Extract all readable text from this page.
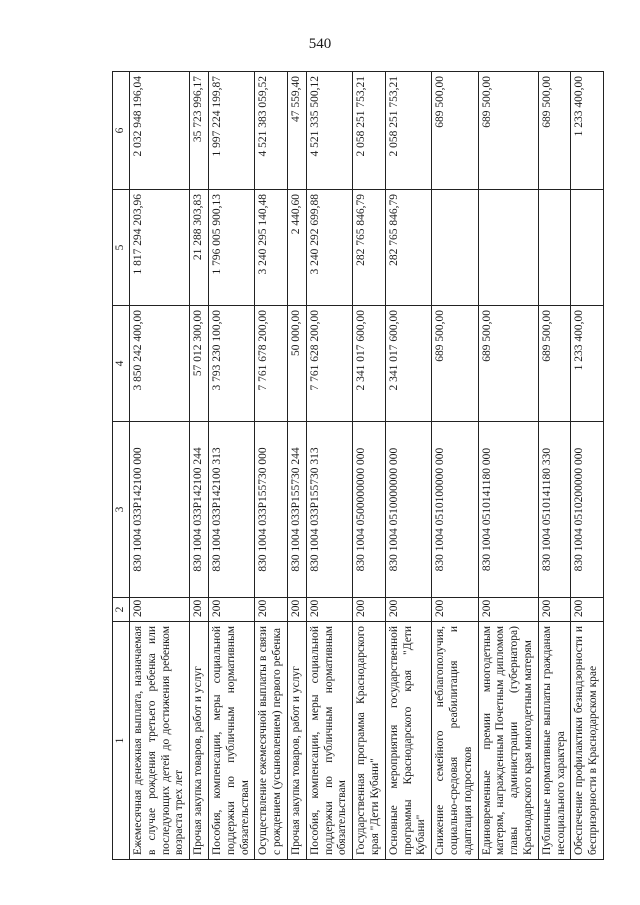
540
1	2	3	4	5	6
Ежемесячная денежная выплата, назначаемая в случае рождения третьего ребенка или последующих детей до достижения ребенком возраста трех лет	200	830 1004 033P142100 000	3 850 242 400,00	1 817 294 203,96	2 032 948 196,04
Прочая закупка товаров, работ и услуг	200	830 1004 033P142100 244	57 012 300,00	21 288 303,83	35 723 996,17
Пособия, компенсации, меры социальной поддержки по публичным нормативным обязательствам	200	830 1004 033P142100 313	3 793 230 100,00	1 796 005 900,13	1 997 224 199,87
Осуществление ежемесячной выплаты в связи с рождением (усыновлением) первого ребенка	200	830 1004 033P155730 000	7 761 678 200,00	3 240 295 140,48	4 521 383 059,52
Прочая закупка товаров, работ и услуг	200	830 1004 033P155730 244	50 000,00	2 440,60	47 559,40
Пособия, компенсации, меры социальной поддержки по публичным нормативным обязательствам	200	830 1004 033P155730 313	7 761 628 200,00	3 240 292 699,88	4 521 335 500,12
Государственная программа Краснодарского края "Дети Кубани"	200	830 1004 0500000000 000	2 341 017 600,00	282 765 846,79	2 058 251 753,21
Основные мероприятия государственной программы Краснодарского края "Дети Кубани"	200	830 1004 0510000000 000	2 341 017 600,00	282 765 846,79	2 058 251 753,21
Снижение семейного неблагополучия, социально-средовая реабилитация и адаптация подростков	200	830 1004 0510100000 000	689 500,00		689 500,00
Единовременные премии многодетным матерям, награжденным Почетным дипломом главы администрации (губернатора) Краснодарского края многодетным матерям	200	830 1004 0510141180 000	689 500,00		689 500,00
Публичные нормативные выплаты гражданам несоциального характера	200	830 1004 0510141180 330	689 500,00		689 500,00
Обеспечение профилактики безнадзорности и беспризорности в Краснодарском крае	200	830 1004 0510200000 000	1 233 400,00		1 233 400,00
